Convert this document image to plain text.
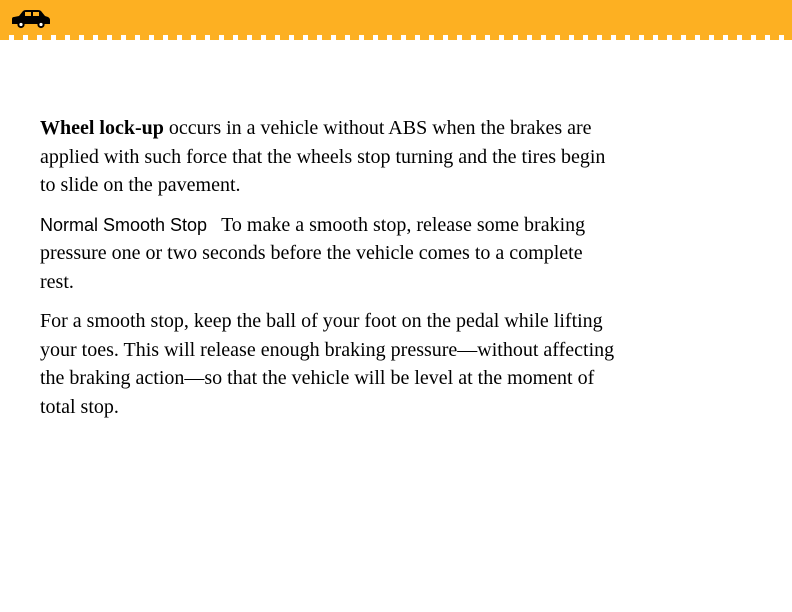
Wheel lock-up occurs in a vehicle without ABS when the brakes are applied with such force that the wheels stop turning and the tires begin to slide on the pavement.

Normal Smooth Stop To make a smooth stop, release some braking pressure one or two seconds before the vehicle comes to a complete rest.

For a smooth stop, keep the ball of your foot on the pedal while lifting your toes. This will release enough braking pressure—without affecting the braking action—so that the vehicle will be level at the moment of total stop.
